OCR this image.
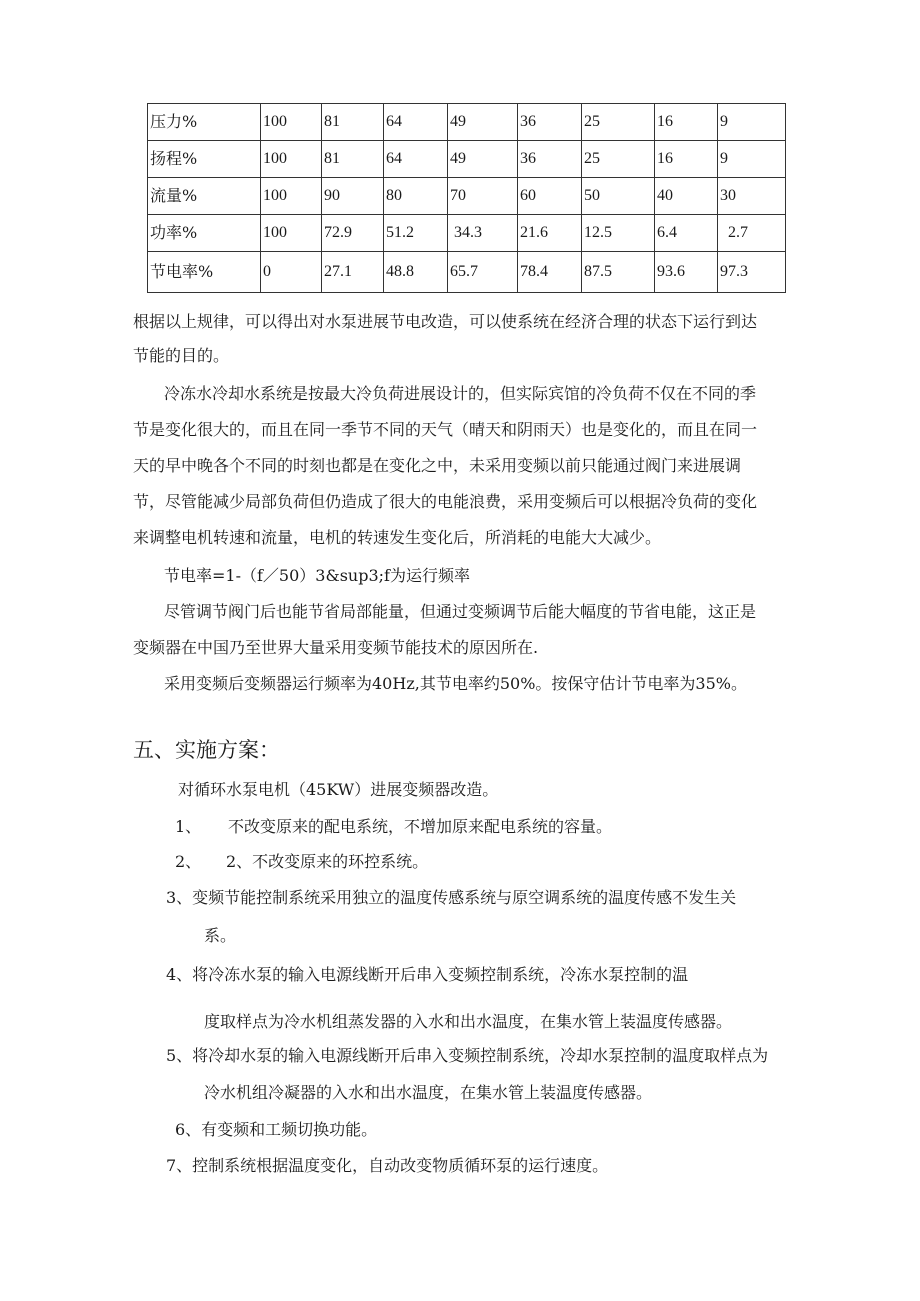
压力%	100	81	64	49	36	25	16	9
扬程%	100	81	64	49	36	25	16	9
流量%	100	90	80	70	60	50	40	30
功率%	100	72.9	51.2	34.3	21.6	12.5	6.4	2.7
节电率%	0	27.1	48.8	65.7	78.4	87.5	93.6	97.3
根据以上规律，可以得出对水泵进展节电改造，可以使系统在经济合理的状态下运行到达
节能的目的。
冷冻水冷却水系统是按最大冷负荷进展设计的，但实际宾馆的冷负荷不仅在不同的季
节是变化很大的，而且在同一季节不同的天气（晴天和阴雨天）也是变化的，而且在同一
天的早中晚各个不同的时刻也都是在变化之中，未采用变频以前只能通过阀门来进展调
节，尽管能减少局部负荷但仍造成了很大的电能浪费，采用变频后可以根据冷负荷的变化
来调整电机转速和流量，电机的转速发生变化后，所消耗的电能大大减少。
节电率=1-（f／50）3&sup3;f为运行频率
尽管调节阀门后也能节省局部能量，但通过变频调节后能大幅度的节省电能，这正是
变频器在中国乃至世界大量采用变频节能技术的原因所在.
采用变频后变频器运行频率为40Hz,其节电率约50%。按保守估计节电率为35%。
五、实施方案：
对循环水泵电机（45KW）进展变频器改造。
1、 不改变原来的配电系统，不增加原来配电系统的容量。
2、 2、不改变原来的环控系统。
3、变频节能控制系统采用独立的温度传感系统与原空调系统的温度传感不发生关
系。
4、将冷冻水泵的输入电源线断开后串入变频控制系统，冷冻水泵控制的温
度取样点为冷水机组蒸发器的入水和出水温度，在集水管上装温度传感器。
5、将冷却水泵的输入电源线断开后串入变频控制系统，冷却水泵控制的温度取样点为
冷水机组冷凝器的入水和出水温度，在集水管上装温度传感器。
6、有变频和工频切换功能。
7、控制系统根据温度变化，自动改变物质循环泵的运行速度。
